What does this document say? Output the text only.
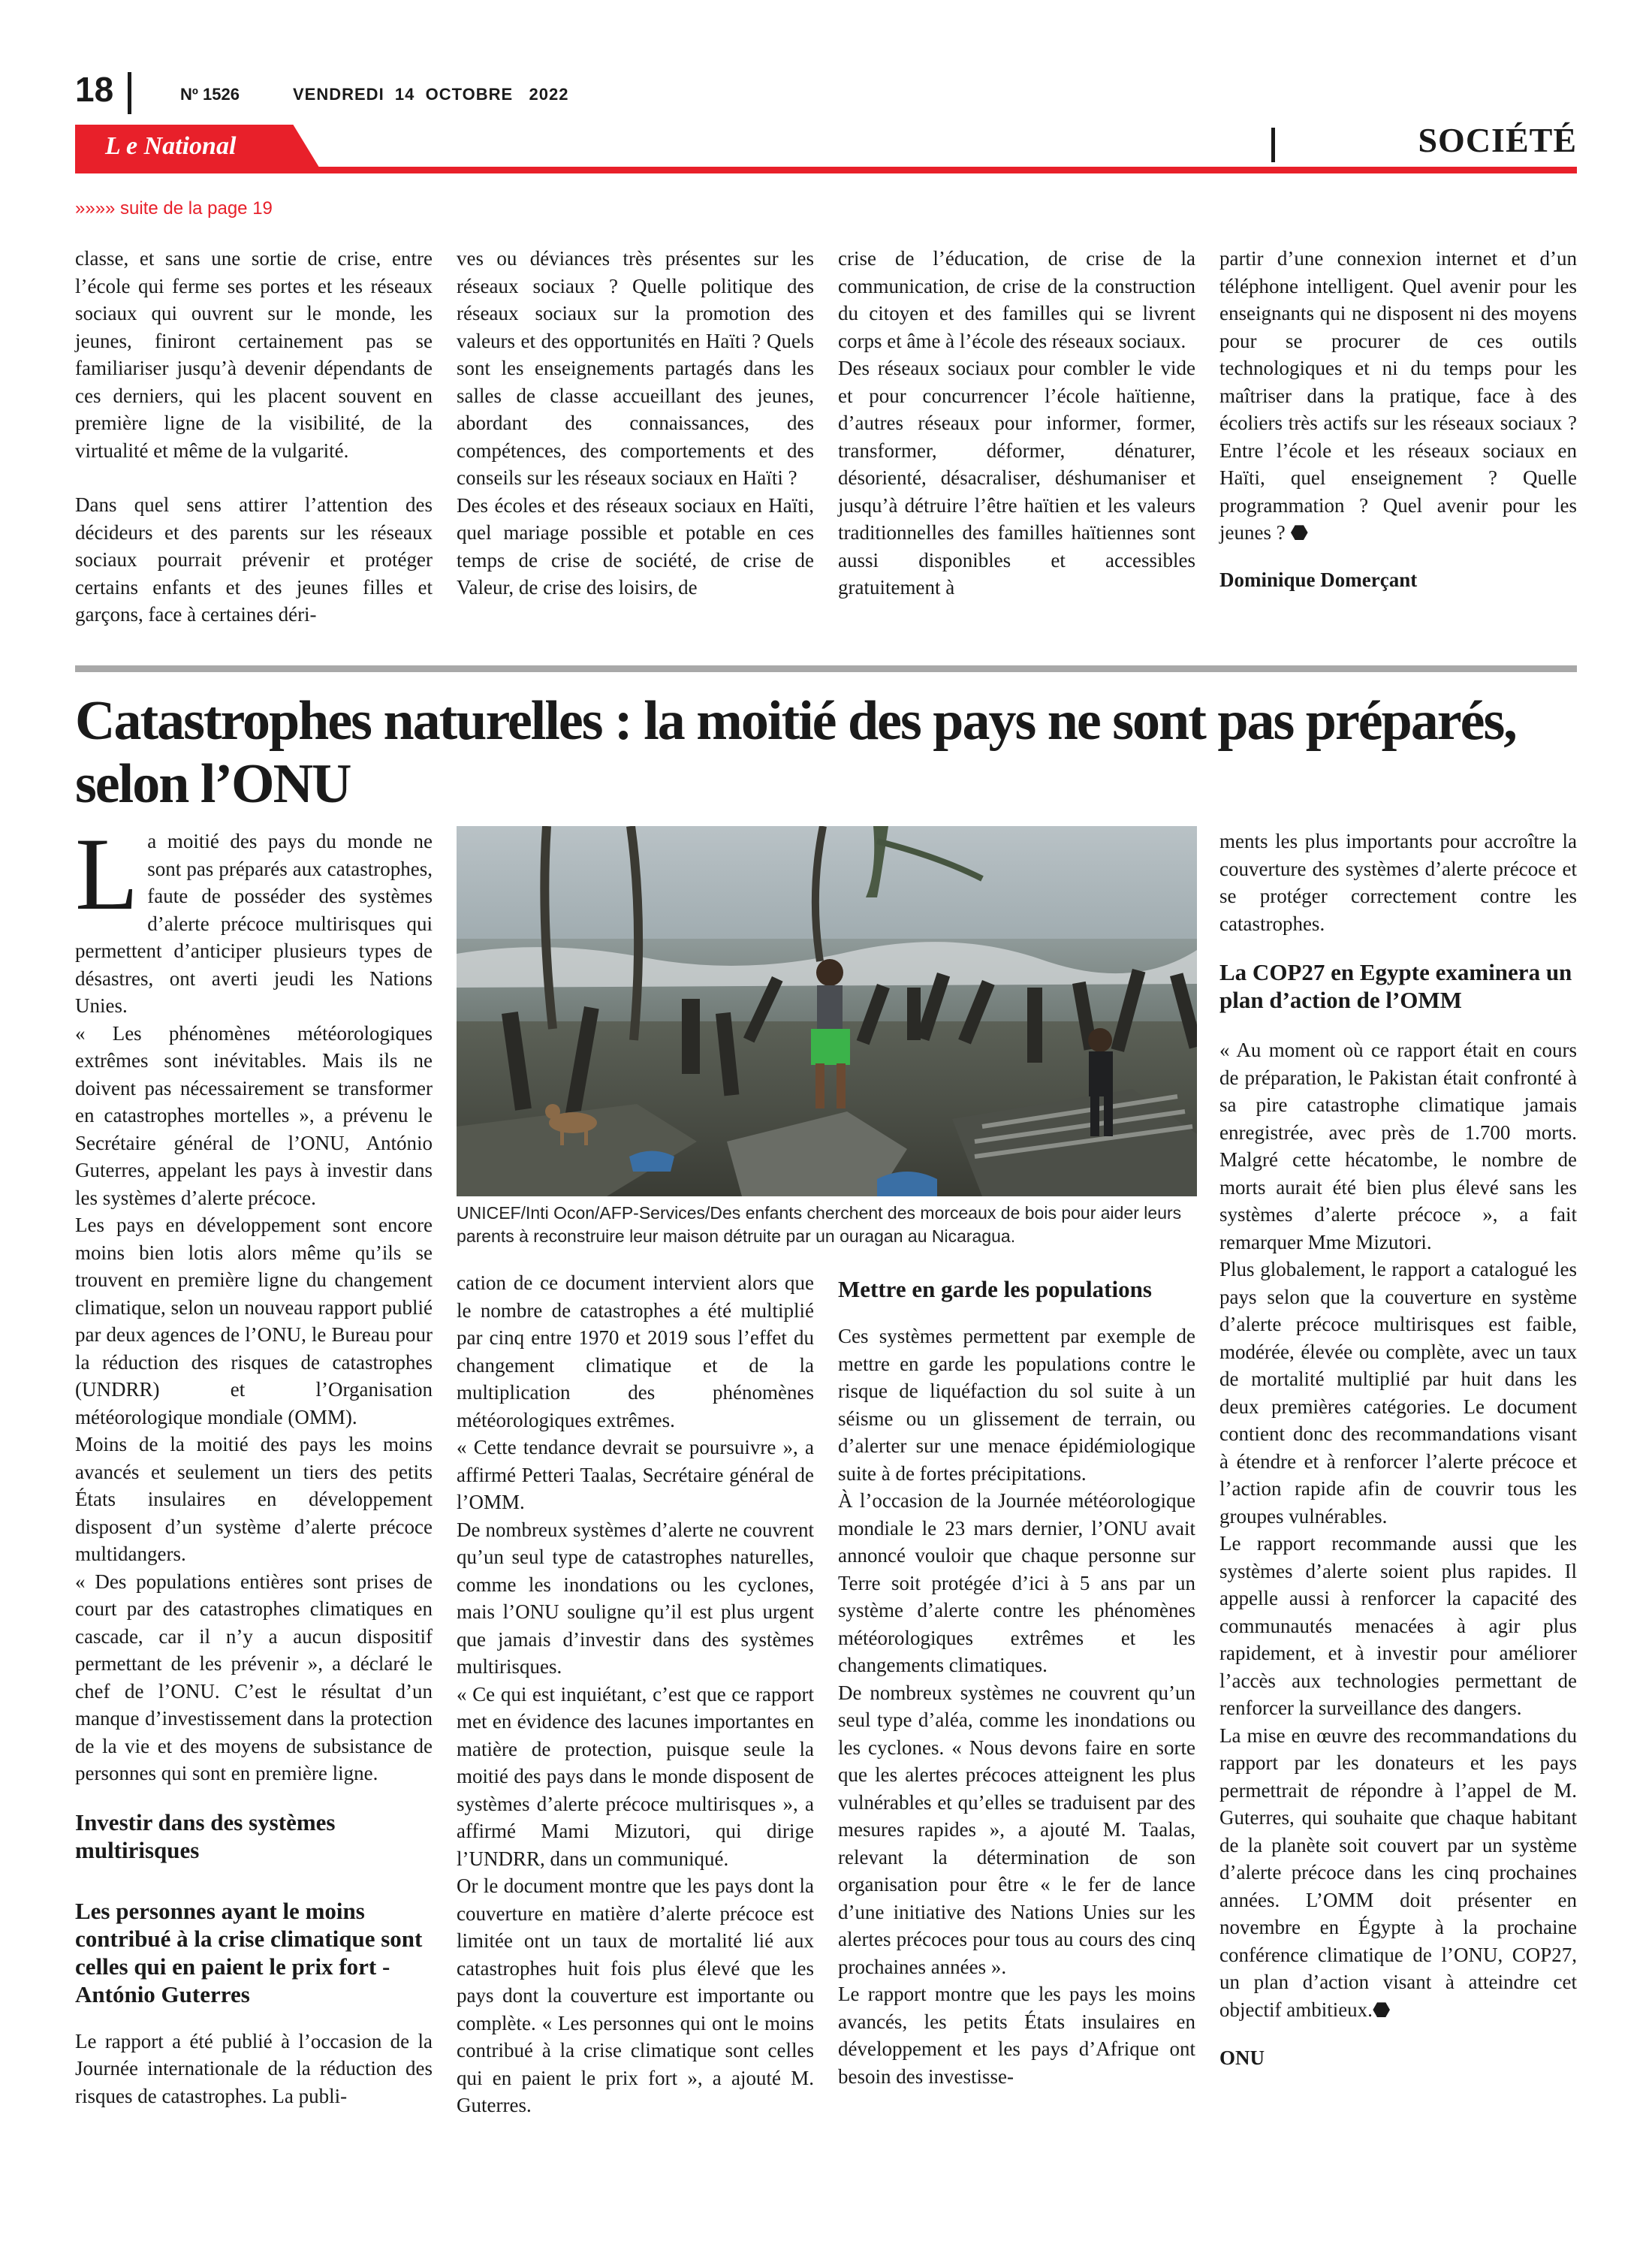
18	Nº 1526	VENDREDI  14  OCTOBRE   2022
L e National	SOCIÉTÉ
»»»» suite de la page 19

classe, et sans une sortie de crise, entre l’école qui ferme ses portes et les réseaux sociaux qui ouvrent sur le monde, les jeunes, finiront certainement pas se familiariser jusqu’à devenir dépendants de ces derniers, qui les placent souvent en première ligne de la visibilité, de la virtualité et même de la vulgarité.

Dans quel sens attirer l’attention des décideurs et des parents sur les réseaux sociaux pourrait prévenir et protéger certains enfants et des jeunes filles et garçons, face à certaines déri-

ves ou déviances très présentes sur les réseaux sociaux ? Quelle politique des réseaux sociaux sur la promotion des valeurs et des opportunités en Haïti ? Quels sont les enseignements partagés dans les salles de classe accueillant des jeunes, abordant des connaissances, des compétences, des comportements et des conseils sur les réseaux sociaux en Haïti ?

Des écoles et des réseaux sociaux en Haïti, quel mariage possible et potable en ces temps de crise de société, de crise de Valeur, de crise des loisirs, de

crise de l’éducation, de crise de la communication, de crise de la construction du citoyen et des familles qui se livrent corps et âme à l’école des réseaux sociaux.

Des réseaux sociaux pour combler le vide et pour concurrencer l’école haïtienne, d’autres réseaux pour informer, former, transformer, déformer, dénaturer, désorienté, désacraliser, déshumaniser et jusqu’à détruire l’être haïtien et les valeurs traditionnelles des familles haïtiennes sont aussi disponibles et accessibles gratuitement à

partir d’une connexion internet et d’un téléphone intelligent. Quel avenir pour les enseignants qui ne disposent ni des moyens pour se procurer de ces outils technologiques et ni du temps pour les maîtriser dans la pratique, face à des écoliers très actifs sur les réseaux sociaux ? Entre l’école et les réseaux sociaux en Haïti, quel enseignement ? Quelle programmation ? Quel avenir pour les jeunes ? ⬣

Dominique Domerçant

Catastrophes naturelles : la moitié des pays ne sont pas préparés, selon l’ONU

La moitié des pays du monde ne sont pas préparés aux catastrophes, faute de posséder des systèmes d’alerte précoce multirisques qui permettent d’anticiper plusieurs types de désastres, ont averti jeudi les Nations Unies.

« Les phénomènes météorologiques extrêmes sont inévitables. Mais ils ne doivent pas nécessairement se transformer en catastrophes mortelles », a prévenu le Secrétaire général de l’ONU, António Guterres, appelant les pays à investir dans les systèmes d’alerte précoce.

Les pays en développement sont encore moins bien lotis alors même qu’ils se trouvent en première ligne du changement climatique, selon un nouveau rapport publié par deux agences de l’ONU, le Bureau pour la réduction des risques de catastrophes (UNDRR) et l’Organisation météorologique mondiale (OMM).

Moins de la moitié des pays les moins avancés et seulement un tiers des petits États insulaires en développement disposent d’un système d’alerte précoce multidangers.

« Des populations entières sont prises de court par des catastrophes climatiques en cascade, car il n’y a aucun dispositif permettant de les prévenir », a déclaré le chef de l’ONU. C’est le résultat d’un manque d’investissement dans la protection de la vie et des moyens de subsistance de personnes qui sont en première ligne.

Investir dans des systèmes multirisques

Les personnes ayant le moins contribué à la crise climatique sont celles qui en paient le prix fort - António Guterres

Le rapport a été publié à l’occasion de la Journée internationale de la réduction des risques de catastrophes. La publi-

UNICEF/Inti Ocon/AFP-Services/Des enfants cherchent des morceaux de bois pour aider leurs parents à reconstruire leur maison détruite par un ouragan au Nicaragua.

cation de ce document intervient alors que le nombre de catastrophes a été multiplié par cinq entre 1970 et 2019 sous l’effet du changement climatique et de la multiplication des phénomènes météorologiques extrêmes.

« Cette tendance devrait se poursuivre », a affirmé Petteri Taalas, Secrétaire général de l’OMM.

De nombreux systèmes d’alerte ne couvrent qu’un seul type de catastrophes naturelles, comme les inondations ou les cyclones, mais l’ONU souligne qu’il est plus urgent que jamais d’investir dans des systèmes multirisques.

« Ce qui est inquiétant, c’est que ce rapport met en évidence des lacunes importantes en matière de protection, puisque seule la moitié des pays dans le monde disposent de systèmes d’alerte précoce multirisques », a affirmé Mami Mizutori, qui dirige l’UNDRR, dans un communiqué.

Or le document montre que les pays dont la couverture en matière d’alerte précoce est limitée ont un taux de mortalité lié aux catastrophes huit fois plus élevé que les pays dont la couverture est importante ou complète. « Les personnes qui ont le moins contribué à la crise climatique sont celles qui en paient le prix fort », a ajouté M. Guterres.

Mettre en garde les populations

Ces systèmes permettent par exemple de mettre en garde les populations contre le risque de liquéfaction du sol suite à un séisme ou un glissement de terrain, ou d’alerter sur une menace épidémiologique suite à de fortes précipitations.

À l’occasion de la Journée météorologique mondiale le 23 mars dernier, l’ONU avait annoncé vouloir que chaque personne sur Terre soit protégée d’ici à 5 ans par un système d’alerte contre les phénomènes météorologiques extrêmes et les changements climatiques.

De nombreux systèmes ne couvrent qu’un seul type d’aléa, comme les inondations ou les cyclones. « Nous devons faire en sorte que les alertes précoces atteignent les plus vulnérables et qu’elles se traduisent par des mesures rapides », a ajouté M. Taalas, relevant la détermination de son organisation pour être « le fer de lance d’une initiative des Nations Unies sur les alertes précoces pour tous au cours des cinq prochaines années ».

Le rapport montre que les pays les moins avancés, les petits États insulaires en développement et les pays d’Afrique ont besoin des investisse-

ments les plus importants pour accroître la couverture des systèmes d’alerte précoce et se protéger correctement contre les catastrophes.

La COP27 en Egypte examinera un plan d’action de l’OMM

« Au moment où ce rapport était en cours de préparation, le Pakistan était confronté à sa pire catastrophe climatique jamais enregistrée, avec près de 1.700 morts. Malgré cette hécatombe, le nombre de morts aurait été bien plus élevé sans les systèmes d’alerte précoce », a fait remarquer Mme Mizutori.

Plus globalement, le rapport a catalogué les pays selon que la couverture en système d’alerte précoce multirisques est faible, modérée, élevée ou complète, avec un taux de mortalité multiplié par huit dans les deux premières catégories. Le document contient donc des recommandations visant à étendre et à renforcer l’alerte précoce et l’action rapide afin de couvrir tous les groupes vulnérables.

Le rapport recommande aussi que les systèmes d’alerte soient plus rapides. Il appelle aussi à renforcer la capacité des communautés menacées à agir plus rapidement, et à investir pour améliorer l’accès aux technologies permettant de renforcer la surveillance des dangers.

La mise en œuvre des recommandations du rapport par les donateurs et les pays permettrait de répondre à l’appel de M. Guterres, qui souhaite que chaque habitant de la planète soit couvert par un système d’alerte précoce dans les cinq prochaines années. L’OMM doit présenter en novembre en Égypte à la prochaine conférence climatique de l’ONU, COP27, un plan d’action visant à atteindre cet objectif ambitieux.⬣

ONU
